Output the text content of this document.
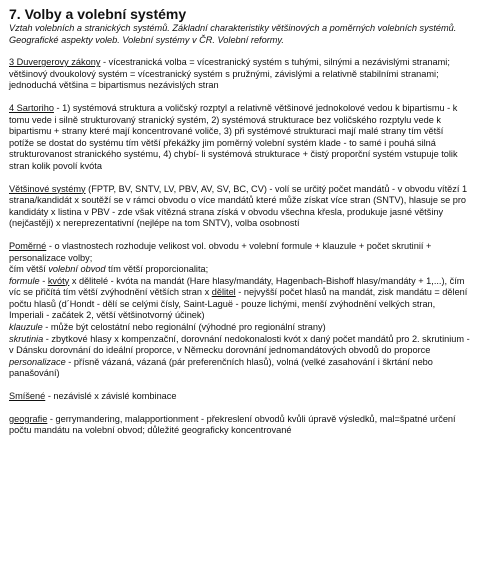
7. Volby a volební systémy

Vztah volebních a stranických systémů. Základní charakteristiky většinových a poměrných volebních systémů. Geografické aspekty voleb. Volební systémy v ČR. Volební reformy.

3 Duvergerovy zákony - vícestranická volba = vícestranický systém s tuhými, silnými a nezávislými stranami; většinový dvoukolový systém = vícestranický systém s pružnými, závislými a relativně stabilními stranami; jednoduchá většina = bipartismus nezávislých stran

4 Sartoriho - 1) systémová struktura a voličský rozptyl a relativně většinové jednokolové vedou k bipartismu - k tomu vede i silně strukturovaný stranický systém, 2) systémová strukturace bez voličského rozptylu vede k bipartismu + strany které mají koncentrované voliče, 3) při systémové strukturaci mají malé strany tím větší potíže se dostat do systému tím větší překážky jim poměrný volební systém klade - to samé i pouhá silná strukturovanost stranického systému, 4) chybí- li systémová strukturace + čistý proporční systém vstupuje tolik stran kolik povolí kvóta

Většinové systémy (FPTP, BV, SNTV, LV, PBV, AV, SV, BC, CV) - volí se určitý počet mandátů - v obvodu vítězí 1 strana/kandidát x soutěží se v rámci obvodu o více mandátů které může získat více stran (SNTV), hlasuje se pro kandidáty x listina v PBV - zde však vítězná strana získá v obvodu všechna křesla, produkuje jasné většiny (nejčastěji) x nereprezentativní (nejlépe na tom SNTV), volba osobností

Poměrné - o vlastnostech rozhoduje velikost vol. obvodu + volební formule + klauzule + počet skrutinií + personalizace volby;

čím větší volební obvod tím větší proporcionalita;

formule - kvóty x dělitelé - kvóta na mandát (Hare hlasy/mandáty, Hagenbach-Bishoff hlasy/mandáty + 1,...), čím víc se přičítá tím větší zvýhodnění větších stran x dělitel - nejvyšší počet hlasů na mandát, zisk mandátu = dělení počtu hlasů (d´Hondt - dělí se celými čísly, Saint-Laguë - pouze lichými, menší zvýhodnění velkých stran, Imperiali - začátek 2, větší většinotvorný účinek)

klauzule - může být celostátní nebo regionální (výhodné pro regionální strany)

skrutinia - zbytkové hlasy x kompenzační, dorovnání nedokonalosti kvót x daný počet mandátů pro 2. skrutinium - v Dánsku dorovnání do ideální proporce, v Německu dorovnání jednomandátových obvodů do proporce

personalizace - přísně vázaná, vázaná (pár preferenčních hlasů), volná (velké zasahování i škrtání nebo panašování)

Smíšené - nezávislé x závislé kombinace

geografie - gerrymandering, malapportionment - překreslení obvodů kvůli úpravě výsledků, mal=špatné určení počtu mandátu na volební obvod; důležité geograficky koncentrované
